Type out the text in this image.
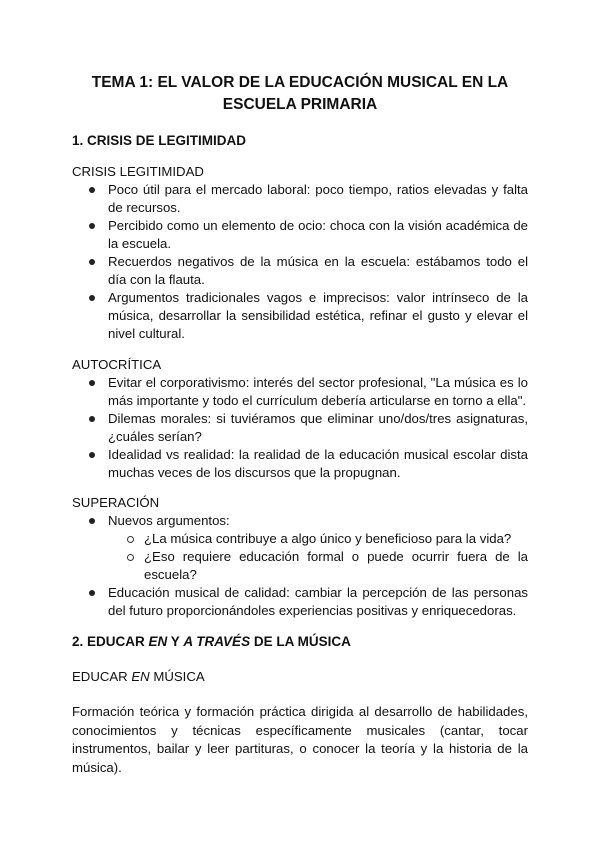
TEMA 1: EL VALOR DE LA EDUCACIÓN MUSICAL EN LA ESCUELA PRIMARIA
1. CRISIS DE LEGITIMIDAD
CRISIS LEGITIMIDAD
Poco útil para el mercado laboral: poco tiempo, ratios elevadas y falta de recursos.
Percibido como un elemento de ocio: choca con la visión académica de la escuela.
Recuerdos negativos de la música en la escuela: estábamos todo el día con la flauta.
Argumentos tradicionales vagos e imprecisos: valor intrínseco de la música, desarrollar la sensibilidad estética, refinar el gusto y elevar el nivel cultural.
AUTOCRÍTICA
Evitar el corporativismo: interés del sector profesional, "La música es lo más importante y todo el currículum debería articularse en torno a ella".
Dilemas morales: si tuviéramos que eliminar uno/dos/tres asignaturas, ¿cuáles serían?
Idealidad vs realidad: la realidad de la educación musical escolar dista muchas veces de los discursos que la propugnan.
SUPERACIÓN
Nuevos argumentos:
¿La música contribuye a algo único y beneficioso para la vida?
¿Eso requiere educación formal o puede ocurrir fuera de la escuela?
Educación musical de calidad: cambiar la percepción de las personas del futuro proporcionándoles experiencias positivas y enriquecedoras.
2. EDUCAR EN Y A TRAVÉS DE LA MÚSICA
EDUCAR EN MÚSICA
Formación teórica y formación práctica dirigida al desarrollo de habilidades, conocimientos y técnicas específicamente musicales (cantar, tocar instrumentos, bailar y leer partituras, o conocer la teoría y la historia de la música).
